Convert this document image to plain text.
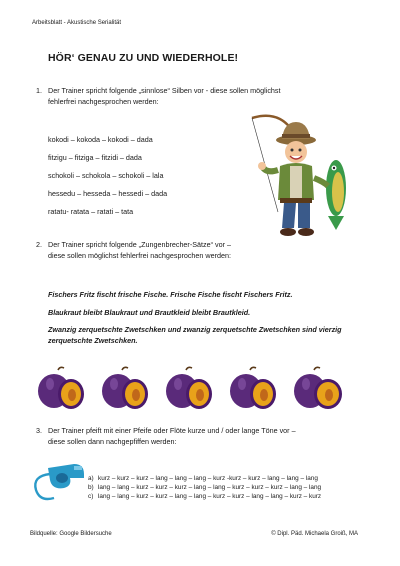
Arbeitsblatt - Akustische Serialität
HÖR‘ GENAU ZU UND WIEDERHOLE!
1. Der Trainer spricht folgende „sinnlose“ Silben vor - diese sollen möglichst
fehlerfrei nachgesprochen werden:
kokodi – kokoda – kokodi – dada
fitzigu – fitziga – fitzidi – dada
schokoli – schokola – schokoli – lala
hessedu – hesseda – hessedi – dada
ratatu- ratata – ratati – tata
2. Der Trainer spricht folgende „Zungenbrecher-Sätze“ vor –
diese sollen möglichst fehlerfrei nachgesprochen werden:
Fischers Fritz fischt frische Fische. Frische Fische fischt Fischers Fritz.
Blaukraut bleibt Blaukraut und Brautkleid bleibt Brautkleid.
Zwanzig zerquetschte Zwetschken und zwanzig zerquetschte Zwetschken sind vierzig zerquetschte Zwetschken.
3. Der Trainer pfeift mit einer Pfeife oder Flöte kurze und / oder lange Töne vor –
diese sollen dann nachgepfiffen werden:
a) kurz – kurz – kurz – lang – lang – lang – kurz -kurz – kurz – lang – lang – lang
b) lang – lang – kurz – kurz – kurz – lang – lang – kurz – kurz – kurz – lang – lang
c) lang – lang – kurz – kurz – lang – lang – kurz – kurz – lang – lang – kurz – kurz
Bildquelle: Google Bildersuche	© Dipl. Päd. Michaela Groiß, MA
